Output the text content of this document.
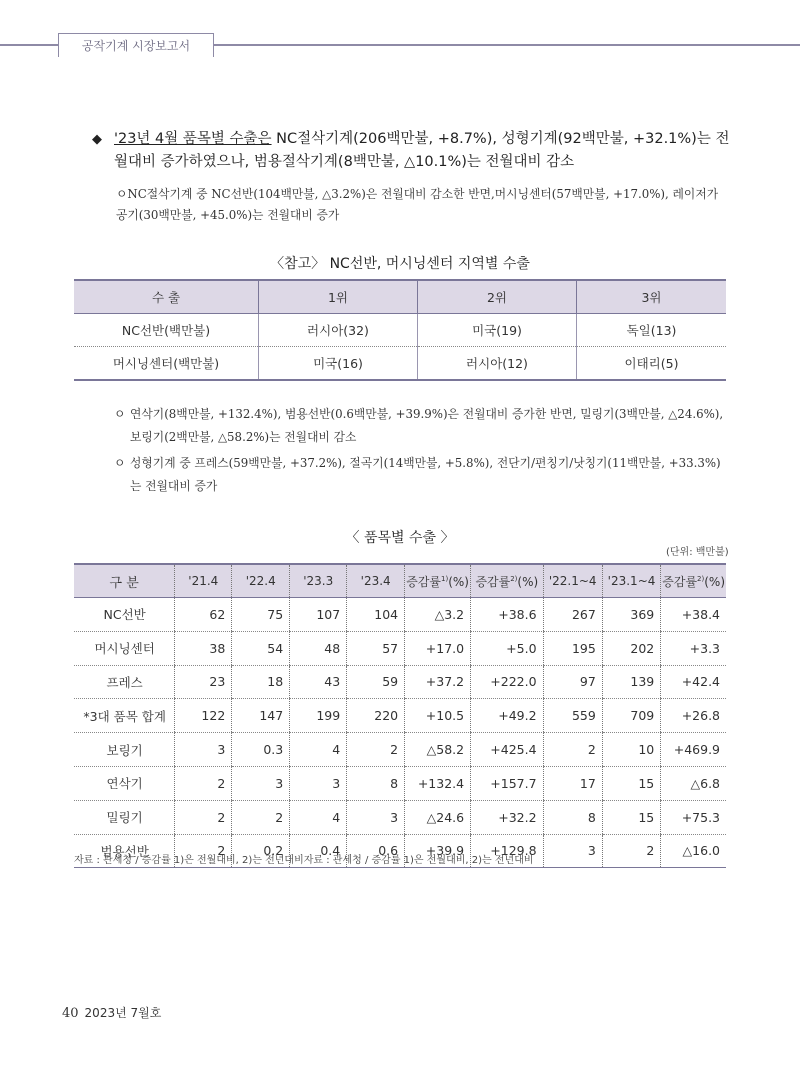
공작기계 시장보고서
◆ '23년 4월 품목별 수출은 NC절삭기계(206백만불, +8.7%), 성형기계(92백만불, +32.1%)는 전월대비 증가하였으나, 범용절삭기계(8백만불, △10.1%)는 전월대비 감소
ㅇNC절삭기계 중 NC선반(104백만불, △3.2%)은 전월대비 감소한 반면,머시닝센터(57백만불, +17.0%), 레이저가공기(30백만불, +45.0%)는 전월대비 증가
〈참고〉 NC선반, 머시닝센터 지역별 수출
수 출	1위	2위	3위
NC선반(백만불)	러시아(32)	미국(19)	독일(13)
머시닝센터(백만불)	미국(16)	러시아(12)	이태리(5)
ㅇ 연삭기(8백만불, +132.4%), 범용선반(0.6백만불, +39.9%)은 전월대비 증가한 반면, 밀링기(3백만불, △24.6%), 보링기(2백만불, △58.2%)는 전월대비 감소
ㅇ 성형기계 중 프레스(59백만불, +37.2%), 절곡기(14백만불, +5.8%), 전단기/편칭기/낫칭기(11백만불, +33.3%)는 전월대비 증가
〈 품목별 수출 〉
(단위: 백만불)
구 분	'21.4	'22.4	'23.3	'23.4	증감률$^{1)}$(%)	증감률$^{2)}$(%)	'22.1~4	'23.1~4	증감률$^{2)}$(%)
NC선반	62	75	107	104	△3.2	+38.6	267	369	+38.4
머시닝센터	38	54	48	57	+17.0	+5.0	195	202	+3.3
프레스	23	18	43	59	+37.2	+222.0	97	139	+42.4
*3대 품목 합계	122	147	199	220	+10.5	+49.2	559	709	+26.8
보링기	3	0.3	4	2	△58.2	+425.4	2	10	+469.9
연삭기	2	3	3	8	+132.4	+157.7	17	15	△6.8
밀링기	2	2	4	3	△24.6	+32.2	8	15	+75.3
범용선반	2	0.2	0.4	0.6	+39.9	+129.8	3	2	△16.0
자료 : 관세청 / 증감률 1)은 전월대비, 2)는 전년대비자료 : 관세청 / 증감률 1)은 전월대비, 2)는 전년대비
40 2023년 7월호
